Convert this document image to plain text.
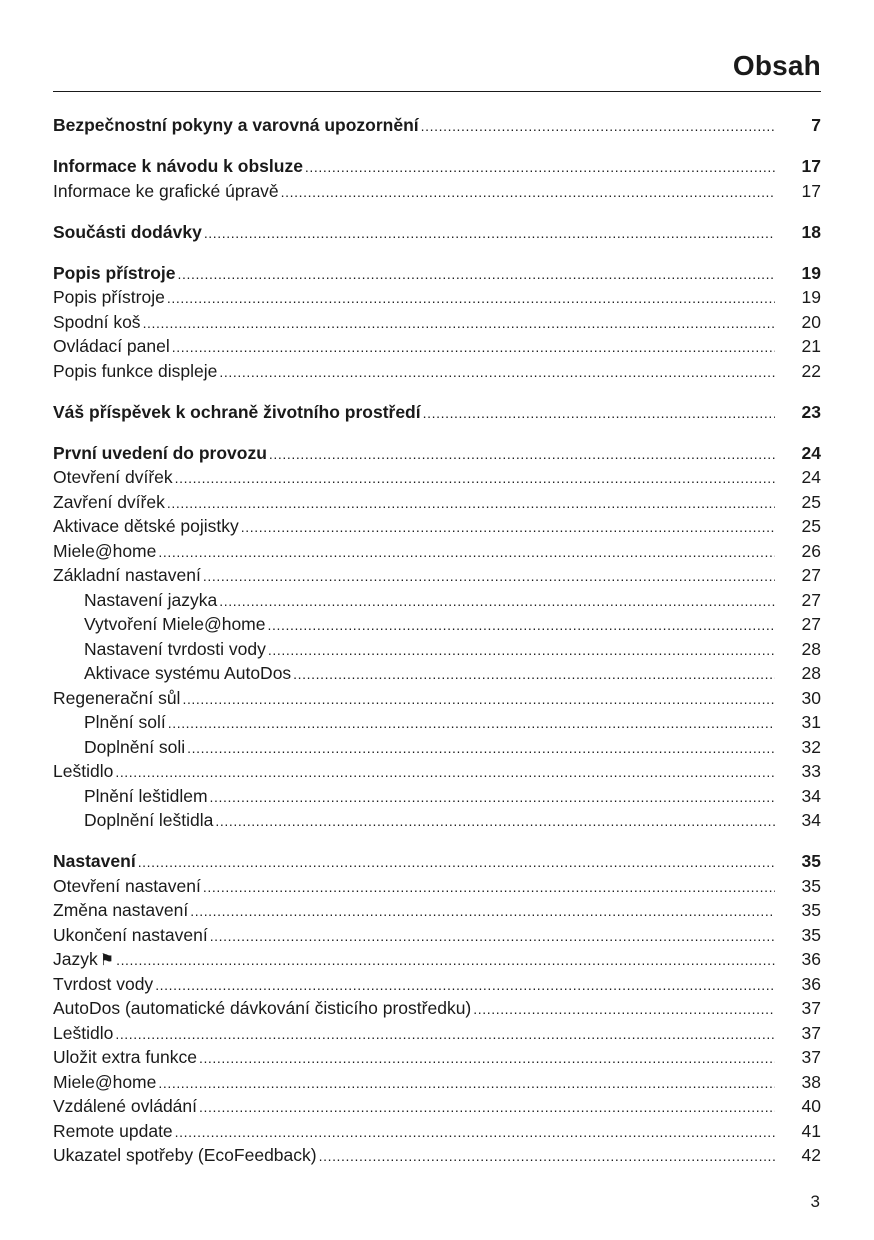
Obsah
Bezpečnostní pokyny a varovná upozornění .....	7
Informace k návodu k obsluze .....	17
Informace ke grafické úpravě .....	17
Součásti dodávky .....	18
Popis přístroje .....	19
Popis přístroje .....	19
Spodní koš .....	20
Ovládací panel .....	21
Popis funkce displeje .....	22
Váš příspěvek k ochraně životního prostředí .....	23
První uvedení do provozu .....	24
Otevření dvířek .....	24
Zavření dvířek .....	25
Aktivace dětské pojistky .....	25
Miele@home .....	26
Základní nastavení .....	27
Nastavení jazyka .....	27
Vytvoření Miele@home .....	27
Nastavení tvrdosti vody .....	28
Aktivace systému AutoDos .....	28
Regenerační sůl .....	30
Plnění solí .....	31
Doplnění soli .....	32
Leštidlo .....	33
Plnění leštidlem .....	34
Doplnění leštidla .....	34
Nastavení .....	35
Otevření nastavení .....	35
Změna nastavení .....	35
Ukončení nastavení .....	35
Jazyk ⚑ .....	36
Tvrdost vody .....	36
AutoDos (automatické dávkování čisticího prostředku) .....	37
Leštidlo .....	37
Uložit extra funkce .....	37
Miele@home .....	38
Vzdálené ovládání .....	40
Remote update .....	41
Ukazatel spotřeby (EcoFeedback) .....	42
3
